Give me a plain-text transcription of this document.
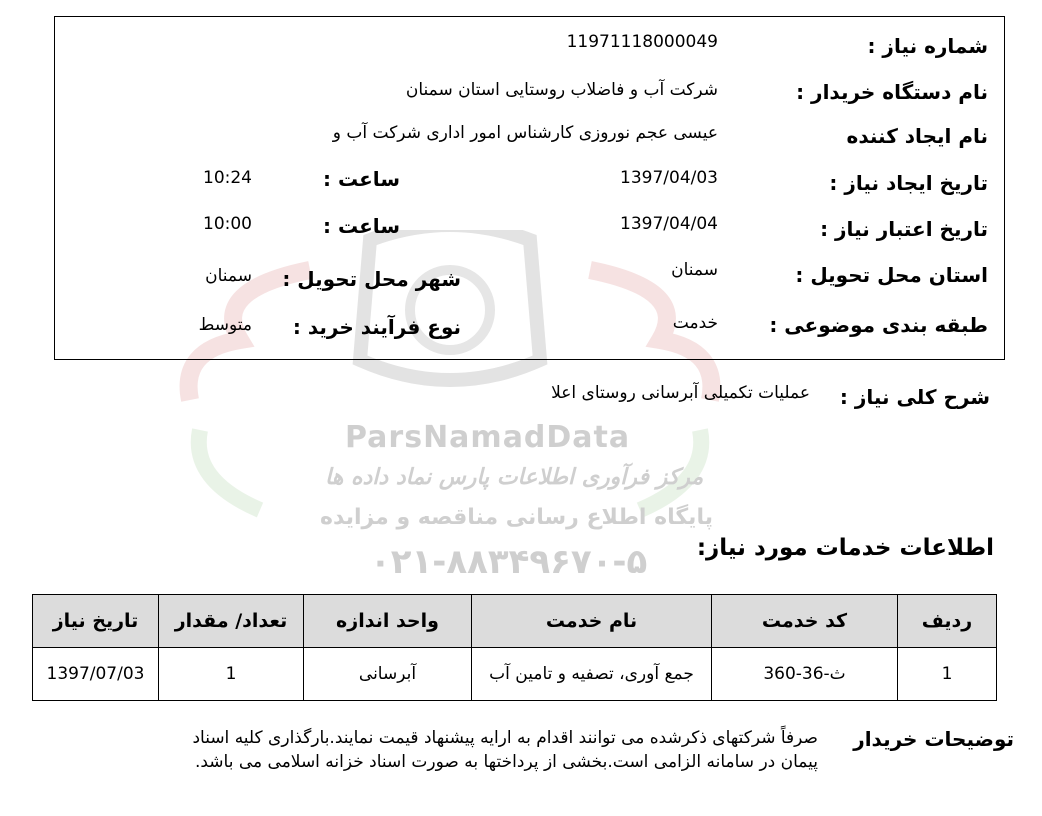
ParsNamadData
مرکز فرآوری اطلاعات پارس نماد داده ها
پایگاه اطلاع رسانی مناقصه و مزایده
۰۲۱-۸۸۳۴۹۶۷۰-۵
شماره نیاز :
11971118000049
نام دستگاه خریدار :
شرکت آب و فاضلاب روستایی استان سمنان
نام ایجاد کننده
عیسی عجم نوروزی کارشناس امور اداری شرکت آب و
تاریخ ایجاد نیاز :
1397/04/03
ساعت :
10:24
تاریخ اعتبار نیاز :
1397/04/04
ساعت :
10:00
استان محل تحویل :
سمنان
شهر محل تحویل :
سمنان
طبقه بندی موضوعی :
خدمت
نوع فرآیند خرید :
متوسط
شرح کلی نیاز :
عملیات تکمیلی آبرسانی روستای اعلا
اطلاعات خدمات مورد نیاز:
ردیف	کد خدمت	نام خدمت	واحد اندازه	تعداد/ مقدار	تاریخ نیاز
1	ث-36-360	جمع آوری، تصفیه و تامین آب	آبرسانی	1	1397/07/03
توضیحات خریدار
صرفاً شرکتهای ذکرشده می توانند اقدام به ارایه پیشنهاد قیمت نمایند.بارگذاری کلیه اسناد
پیمان در سامانه الزامی است.بخشی از پرداختها به صورت اسناد خزانه اسلامی می باشد.
